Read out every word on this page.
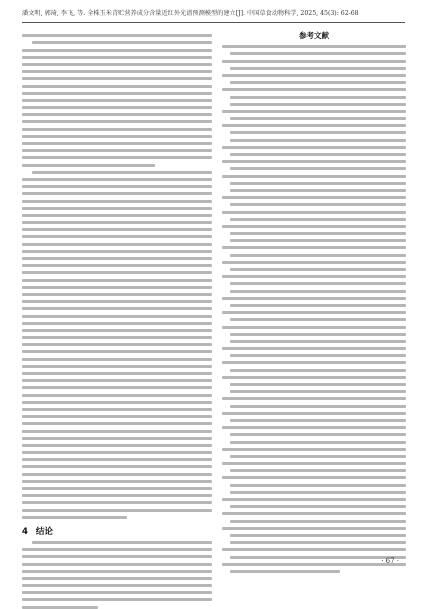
潘文明, 郭琦, 李飞, 等. 全株玉米青贮营养成分含量近红外光谱预测模型的建立[J]. 中国草食动物科学, 2025, 45(3): 62-68
4 结论
参考文献
· 67 ·
